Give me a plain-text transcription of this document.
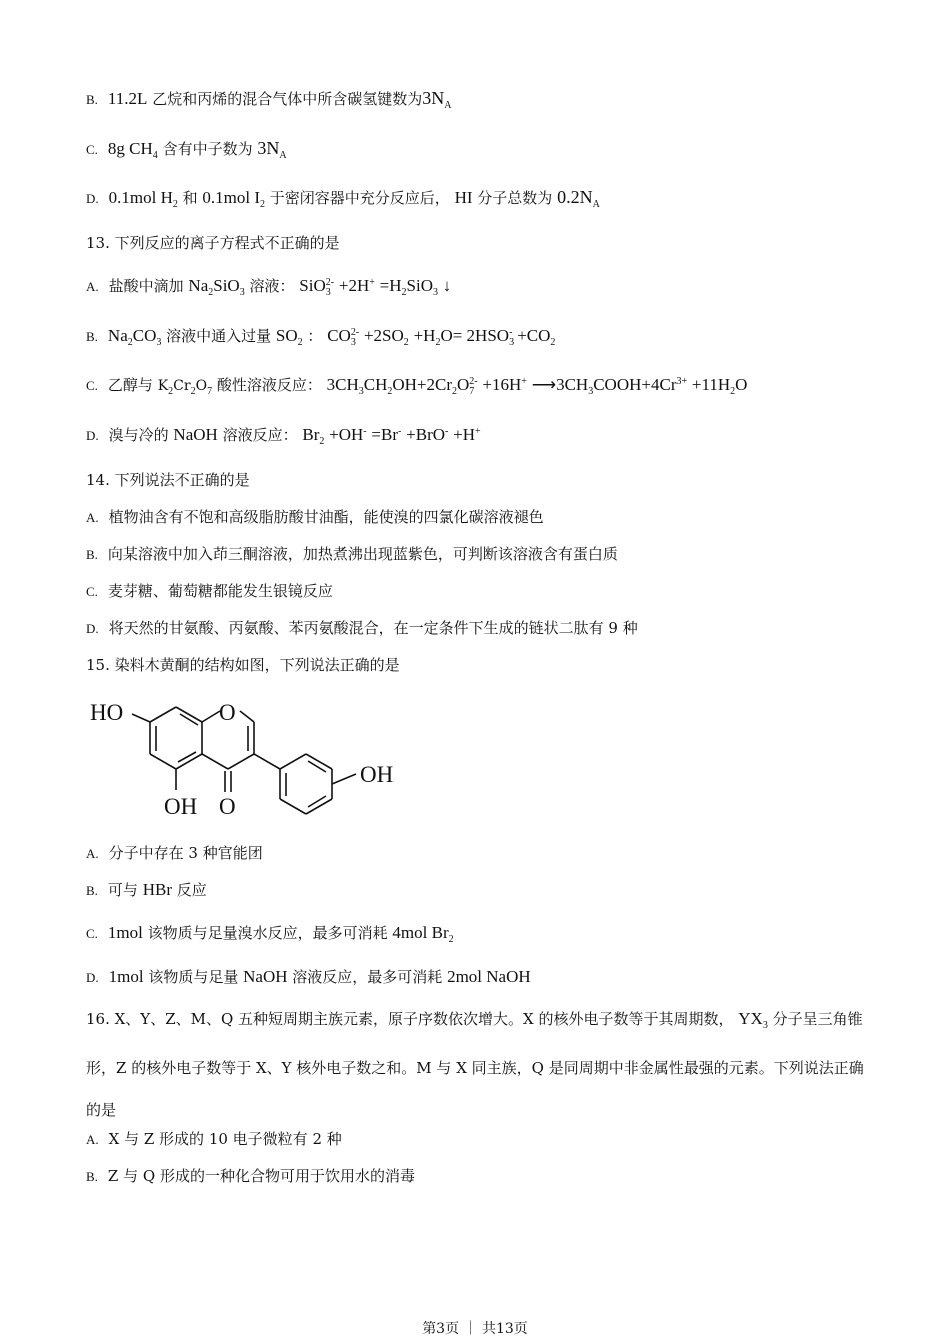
B. 11.2L 乙烷和丙烯的混合气体中所含碳氢键数为$3N_A$
C. 8g $CH_4$ 含有中子数为 $3N_A$
D. 0.1mol $H_2$ 和 0.1mol $I_2$ 于密闭容器中充分反应后， HI 分子总数为 $0.2N_A$
13. 下列反应的离子方程式不正确的是
A. 盐酸中滴加 $Na_2SiO_3$ 溶液： $SiO_3^{2-} +2H^+ =H_2SiO_3$ ↓
B. $Na_2CO_3$ 溶液中通入过量 $SO_2$ ： $CO_3^{2-} +2SO_2 +H_2O= 2HSO_3^- +CO_2$
C. 乙醇与 $K_2Cr_2O_7$ 酸性溶液反应： $3CH_3CH_2OH+2Cr_2O_7^{2-} +16H^+$ $⟶3CH_3COOH+4Cr^{3+} +11H_2O$
D. 溴与冷的 NaOH 溶液反应： $Br_2 +OH^- =Br^- +BrO^- +H^+$
14. 下列说法不正确的是
A. 植物油含有不饱和高级脂肪酸甘油酯，能使溴的四氯化碳溶液褪色
B. 向某溶液中加入茚三酮溶液，加热煮沸出现蓝紫色，可判断该溶液含有蛋白质
C. 麦芽糖、葡萄糖都能发生银镜反应
D. 将天然的甘氨酸、丙氨酸、苯丙氨酸混合，在一定条件下生成的链状二肽有 9 种
15. 染料木黄酮的结构如图，下列说法正确的是
HO	O
OH
OH O
A. 分子中存在 3 种官能团
B. 可与 HBr 反应
C. 1mol 该物质与足量溴水反应，最多可消耗 4mol $Br_2$
D. 1mol 该物质与足量 NaOH 溶液反应，最多可消耗 2mol NaOH
16. X、Y、Z、M、Q 五种短周期主族元素，原子序数依次增大。X 的核外电子数等于其周期数， $YX_3$ 分子呈三角锥形，Z 的核外电子数等于 X、Y 核外电子数之和。M 与 X 同主族，Q 是同周期中非金属性最强的元素。下列说法正确的是
A. X 与 Z 形成的 10 电子微粒有 2 种
B. Z 与 Q 形成的一种化合物可用于饮用水的消毒
第3页 ｜ 共13页
